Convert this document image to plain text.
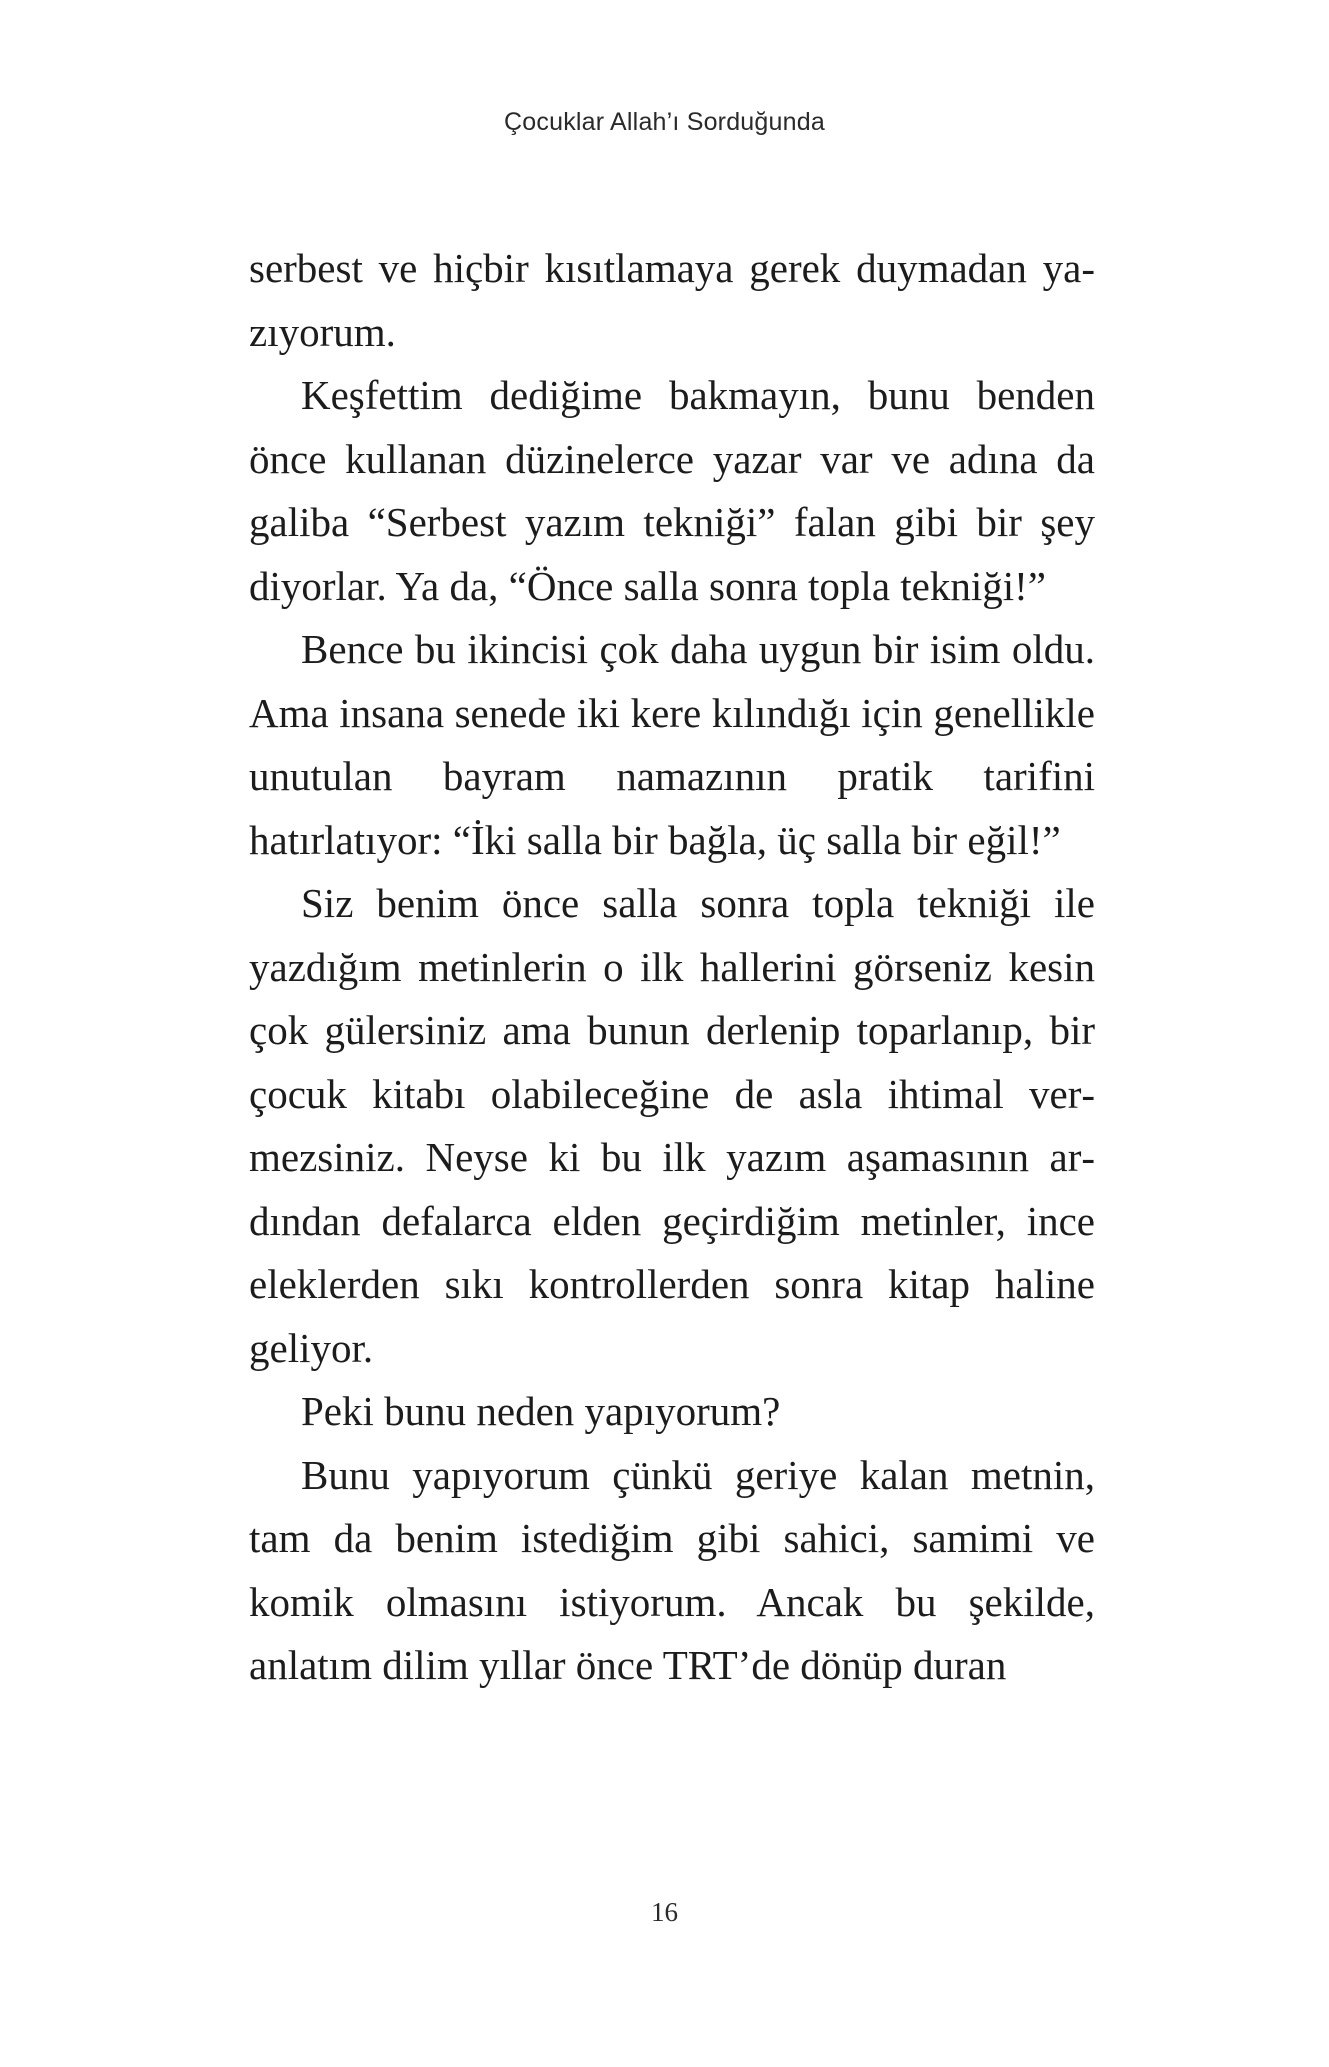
Çocuklar Allah’ı Sorduğunda

serbest ve hiçbir kısıtlamaya gerek duymadan yazıyorum.

Keşfettim dediğime bakmayın, bunu benden önce kullanan düzinelerce yazar var ve adına da galiba “Serbest yazım tekniği” falan gibi bir şey diyorlar. Ya da, “Önce salla sonra topla tekniği!”

Bence bu ikincisi çok daha uygun bir isim oldu. Ama insana senede iki kere kılındığı için genellikle unutulan bayram namazının pratik tarifini hatırlatıyor: “İki salla bir bağla, üç salla bir eğil!”

Siz benim önce salla sonra topla tekniği ile yazdığım metinlerin o ilk hallerini görseniz kesin çok gülersiniz ama bunun derlenip toparlanıp, bir çocuk kitabı olabileceğine de asla ihtimal vermezsiniz. Neyse ki bu ilk yazım aşamasının ardından defalarca elden geçirdiğim metinler, ince eleklerden sıkı kontrollerden sonra kitap haline geliyor.

Peki bunu neden yapıyorum?

Bunu yapıyorum çünkü geriye kalan metnin, tam da benim istediğim gibi sahici, samimi ve komik olmasını istiyorum. Ancak bu şekilde, anlatım dilim yıllar önce TRT’de dönüp duran

16
